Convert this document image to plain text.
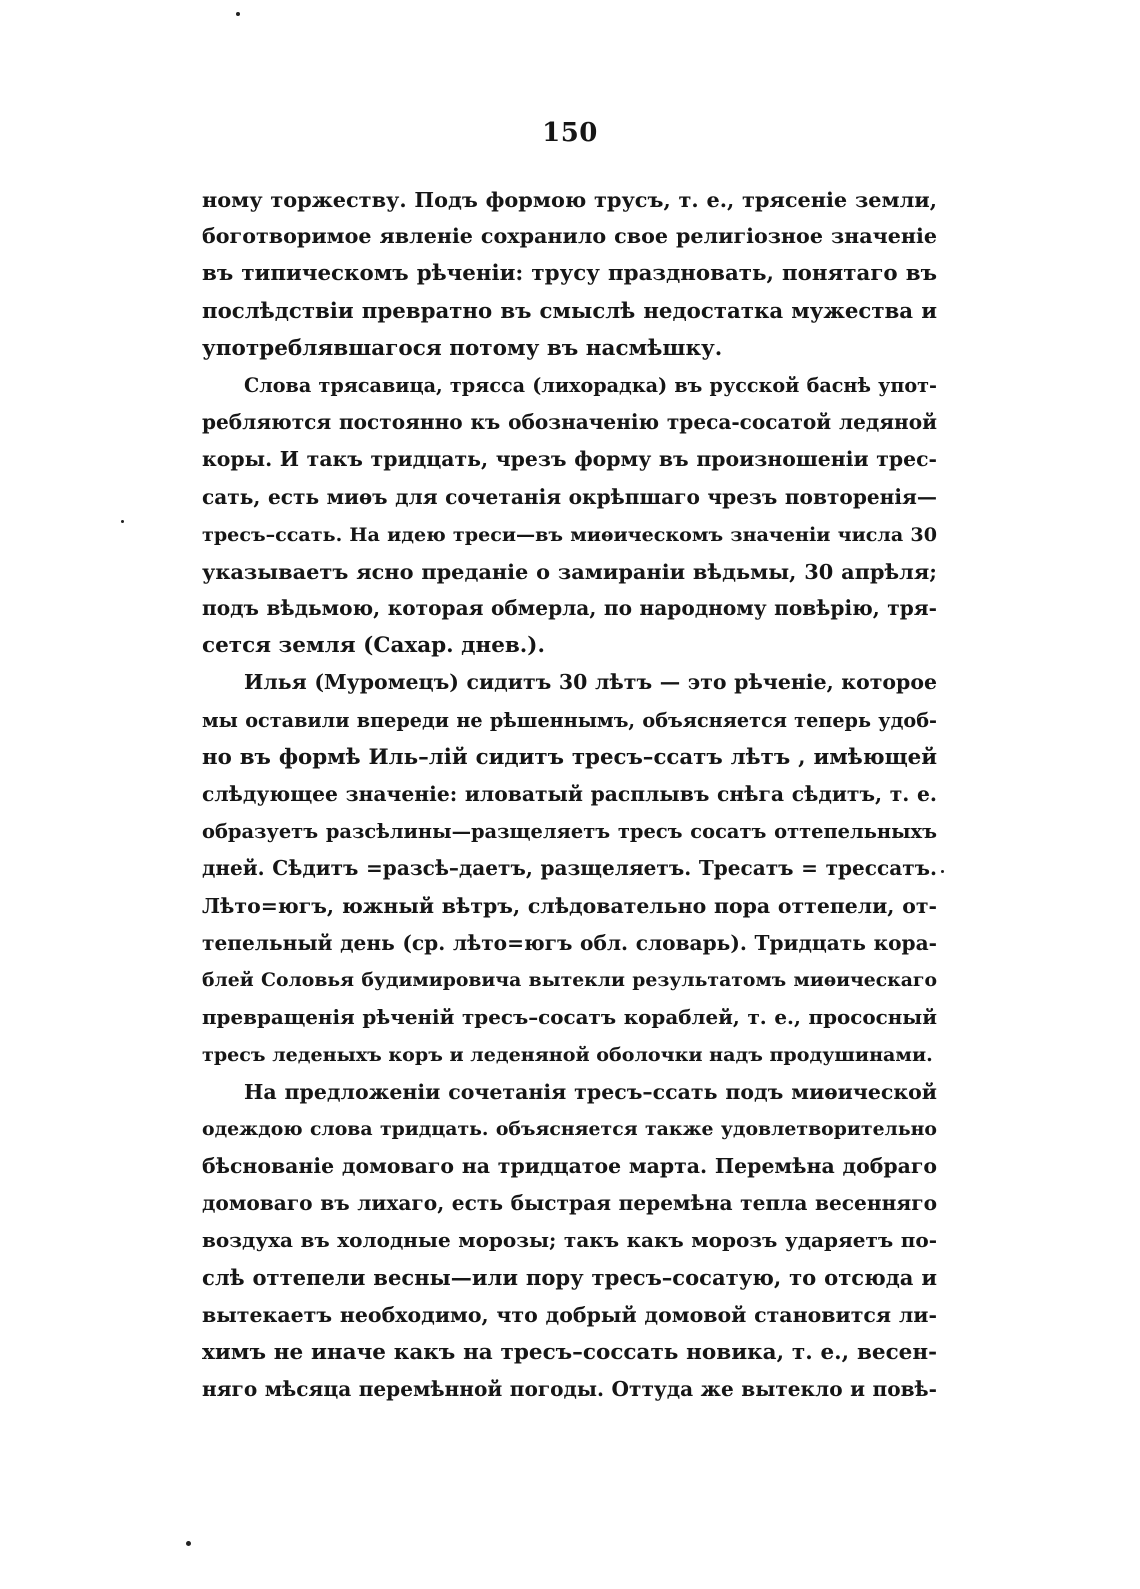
150
ному торжеству. Подъ формою трусъ, т. е., трясеніе земли,
боготворимое явленіе сохранило свое религіозное значеніе
въ типическомъ рѣченіи: трусу праздновать, понятаго въ
послѣдствіи превратно въ смыслѣ недостатка мужества и
употреблявшагося потому въ насмѣшку.
Слова трясавица, трясса (лихорадка) въ русской баснѣ упот-
ребляются постоянно къ обозначенію треса-сосатой ледяной
коры. И такъ тридцать, чрезъ форму въ произношеніи трес-
сать, есть миѳъ для сочетанія окрѣпшаго чрезъ повторенія—
тресъ–ссать. На идею треси—въ миѳическомъ значеніи числа 30
указываетъ ясно преданіе о замираніи вѣдьмы, 30 апрѣля;
подъ вѣдьмою, которая обмерла, по народному повѣрію, тря-
сется земля (Сахар. днев.).
Илья (Муромецъ) сидитъ 30 лѣтъ — это рѣченіе, которое
мы оставили впереди не рѣшеннымъ, объясняется теперь удоб-
но въ формѣ Иль–лій сидитъ тресъ–ссатъ лѣтъ , имѣющей
слѣдующее значеніе: иловатый расплывъ снѣга сѣдитъ, т. е.
образуетъ разсѣлины—разщеляетъ тресъ сосатъ оттепельныхъ
дней. Сѣдитъ =разсѣ–даетъ, разщеляетъ. Тресатъ = трессатъ.
Лѣто=югъ, южный вѣтръ, слѣдовательно пора оттепели, от-
тепельный день (ср. лѣто=югъ обл. словарь). Тридцать кора-
блей Соловья будимировича вытекли результатомъ миѳическаго
превращенія рѣченій тресъ–сосатъ кораблей, т. е., прососный
тресъ леденыхъ коръ и леденяной оболочки надъ продушинами.
На предложеніи сочетанія тресъ–ссать подъ миѳической
одеждою слова тридцать. объясняется также удовлетворительно
бѣснованіе домоваго на тридцатое марта. Перемѣна добраго
домоваго въ лихаго, есть быстрая перемѣна тепла весенняго
воздуха въ холодные морозы; такъ какъ морозъ ударяетъ по-
слѣ оттепели весны—или пору тресъ–сосатую, то отсюда и
вытекаетъ необходимо, что добрый домовой становится ли-
химъ не иначе какъ на тресъ–соссать новика, т. е., весен-
няго мѣсяца перемѣнной погоды. Оттуда же вытекло и повѣ-
